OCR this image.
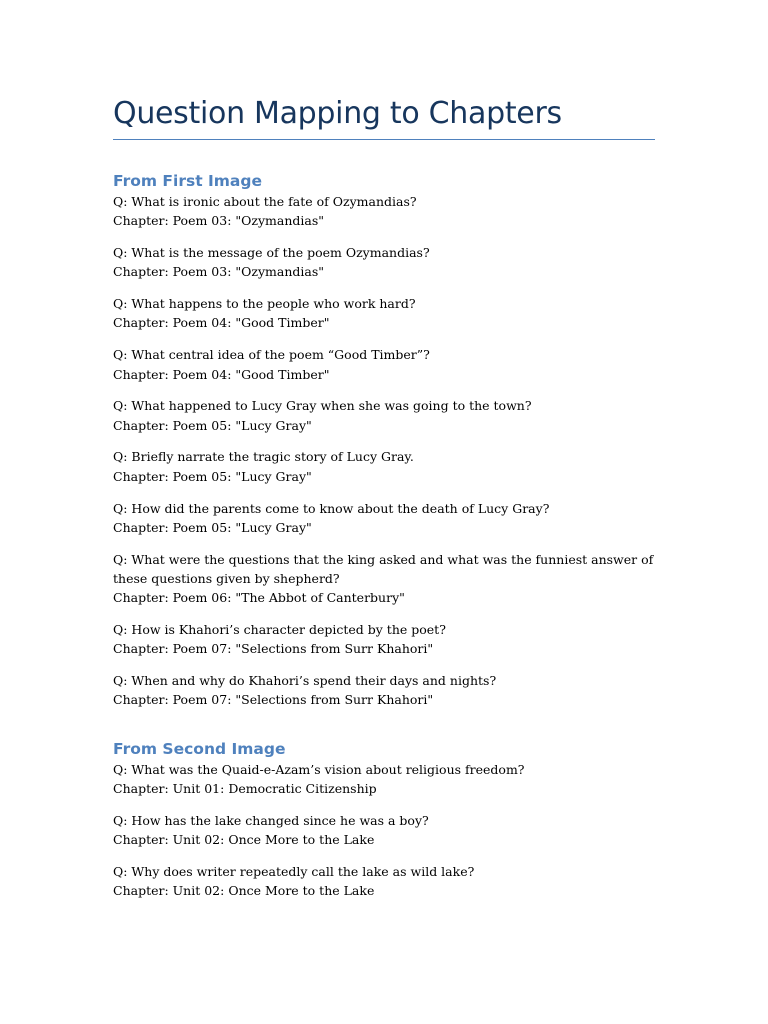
Question Mapping to Chapters
From First Image
Q: What is ironic about the fate of Ozymandias?
Chapter: Poem 03: "Ozymandias"
Q: What is the message of the poem Ozymandias?
Chapter: Poem 03: "Ozymandias"
Q: What happens to the people who work hard?
Chapter: Poem 04: "Good Timber"
Q: What central idea of the poem “Good Timber”?
Chapter: Poem 04: "Good Timber"
Q: What happened to Lucy Gray when she was going to the town?
Chapter: Poem 05: "Lucy Gray"
Q: Briefly narrate the tragic story of Lucy Gray.
Chapter: Poem 05: "Lucy Gray"
Q: How did the parents come to know about the death of Lucy Gray?
Chapter: Poem 05: "Lucy Gray"
Q: What were the questions that the king asked and what was the funniest answer of these questions given by shepherd?
Chapter: Poem 06: "The Abbot of Canterbury"
Q: How is Khahori’s character depicted by the poet?
Chapter: Poem 07: "Selections from Surr Khahori"
Q: When and why do Khahori’s spend their days and nights?
Chapter: Poem 07: "Selections from Surr Khahori"
From Second Image
Q: What was the Quaid-e-Azam’s vision about religious freedom?
Chapter: Unit 01: Democratic Citizenship
Q: How has the lake changed since he was a boy?
Chapter: Unit 02: Once More to the Lake
Q: Why does writer repeatedly call the lake as wild lake?
Chapter: Unit 02: Once More to the Lake
